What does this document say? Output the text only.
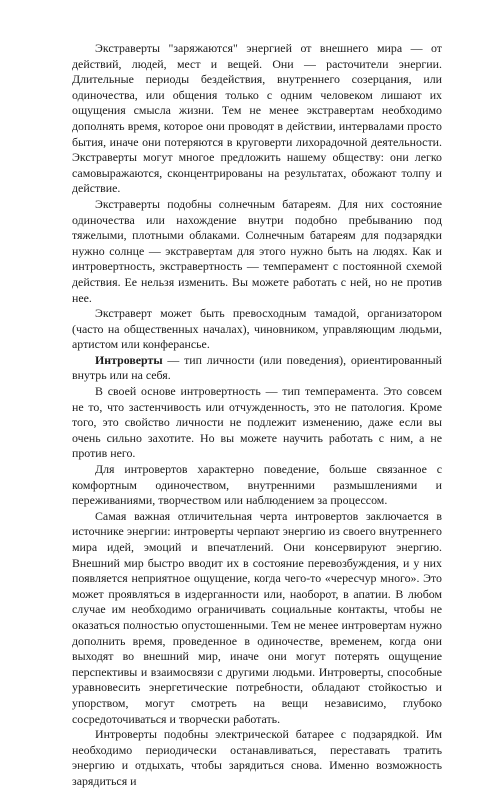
Экстраверты "заряжаются" энергией от внешнего мира — от действий, людей, мест и вещей. Они — расточители энергии. Длительные периоды бездействия, внутреннего созерцания, или одиночества, или общения только с одним человеком лишают их ощущения смысла жизни. Тем не менее экстравертам необходимо дополнять время, которое они проводят в действии, интервалами просто бытия, иначе они потеряются в круговерти лихорадочной деятельности. Экстраверты могут многое предложить нашему обществу: они легко самовыражаются, сконцентрированы на результатах, обожают толпу и действие.

Экстраверты подобны солнечным батареям. Для них состояние одиночества или нахождение внутри подобно пребыванию под тяжелыми, плотными облаками. Солнечным батареям для подзарядки нужно солнце — экстравертам для этого нужно быть на людях. Как и интровертность, экстравертность — темперамент с постоянной схемой действия. Ее нельзя изменить. Вы можете работать с ней, но не против нее.

Экстраверт может быть превосходным тамадой, организатором (часто на общественных началах), чиновником, управляющим людьми, артистом или конферансье.

Интроверты — тип личности (или поведения), ориентированный внутрь или на себя.

В своей основе интровертность — тип темперамента. Это совсем не то, что застенчивость или отчужденность, это не патология. Кроме того, это свойство личности не подлежит изменению, даже если вы очень сильно захотите. Но вы можете научить работать с ним, а не против него.

Для интровертов характерно поведение, больше связанное с комфортным одиночеством, внутренними размышлениями и переживаниями, творчеством или наблюдением за процессом.

Самая важная отличительная черта интровертов заключается в источнике энергии: интроверты черпают энергию из своего внутреннего мира идей, эмоций и впечатлений. Они консервируют энергию. Внешний мир быстро вводит их в состояние перевозбуждения, и у них появляется неприятное ощущение, когда чего-то «чересчур много». Это может проявляться в издерганности или, наоборот, в апатии. В любом случае им необходимо ограничивать социальные контакты, чтобы не оказаться полностью опустошенными. Тем не менее интровертам нужно дополнить время, проведенное в одиночестве, временем, когда они выходят во внешний мир, иначе они могут потерять ощущение перспективы и взаимосвязи с другими людьми. Интроверты, способные уравновесить энергетические потребности, обладают стойкостью и упорством, могут смотреть на вещи независимо, глубоко сосредоточиваться и творчески работать.

Интроверты подобны электрической батарее с подзарядкой. Им необходимо периодически останавливаться, переставать тратить энергию и отдыхать, чтобы зарядиться снова. Именно возможность зарядиться и
